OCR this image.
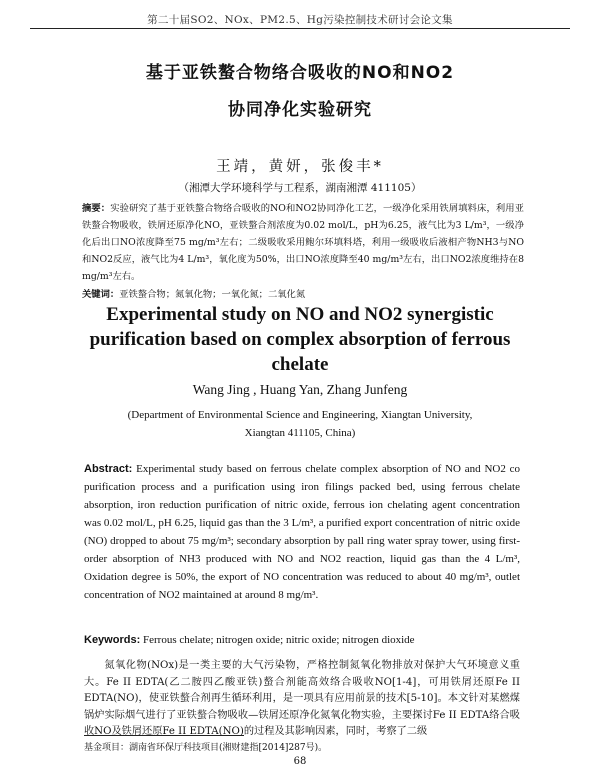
第二十届SO2、NOx、PM2.5、Hg污染控制技术研讨会论文集
基于亚铁螯合物络合吸收的NO和NO2
协同净化实验研究
王靖，黄妍，张俊丰*
（湘潭大学环境科学与工程系，湖南湘潭 411105）
摘要：实验研究了基于亚铁螯合物络合吸收的NO和NO2协同净化工艺，一级净化采用铁屑填料床，利用亚铁螯合物吸收，铁屑还原净化NO，亚铁螯合剂浓度为0.02 mol/L，pH为6.25，液气比为3 L/m³，一级净化后出口NO浓度降至75 mg/m³左右；二级吸收采用鲍尔环填料塔，利用一级吸收后液相产物NH3与NO和NO2反应，液气比为4 L/m³，氧化度为50%，出口NO浓度降至40 mg/m³左右，出口NO2浓度维持在8 mg/m³左右。
关键词：亚铁螯合物；氮氧化物；一氧化氮；二氧化氮
Experimental study on NO and NO2 synergistic
purification based on complex absorption of ferrous
chelate
Wang Jing , Huang Yan, Zhang Junfeng
(Department of Environmental Science and Engineering, Xiangtan University, Xiangtan 411105, China)
Abstract: Experimental study based on ferrous chelate complex absorption of NO and NO2 co purification process and a purification using iron filings packed bed, using ferrous chelate absorption, iron reduction purification of nitric oxide, ferrous ion chelating agent concentration was 0.02 mol/L, pH 6.25, liquid gas than the 3 L/m³, a purified export concentration of nitric oxide (NO) dropped to about 75 mg/m³; secondary absorption by pall ring water spray tower, using first-order absorption of NH3 produced with NO and NO2 reaction, liquid gas than the 4 L/m³, Oxidation degree is 50%, the export of NO concentration was reduced to about 40 mg/m³, outlet concentration of NO2 maintained at around 8 mg/m³.
Keywords: Ferrous chelate; nitrogen oxide; nitric oxide; nitrogen dioxide
氮氧化物(NOx)是一类主要的大气污染物，严格控制氮氧化物排放对保护大气环境意义重大。Fe II EDTA(乙二胺四乙酸亚铁)螯合剂能高效络合吸收NO[1-4]，可用铁屑还原Fe II EDTA(NO)，使亚铁螯合剂再生循环利用，是一项具有应用前景的技术[5-10]。本文针对某燃煤锅炉实际烟气进行了亚铁螯合物吸收—铁屑还原净化氮氧化物实验，主要探讨Fe II EDTA络合吸收NO及铁屑还原Fe II EDTA(NO)的过程及其影响因素，同时，考察了二级
基金项目：湖南省环保厅科技项目(湘财建指[2014]287号)。
68
